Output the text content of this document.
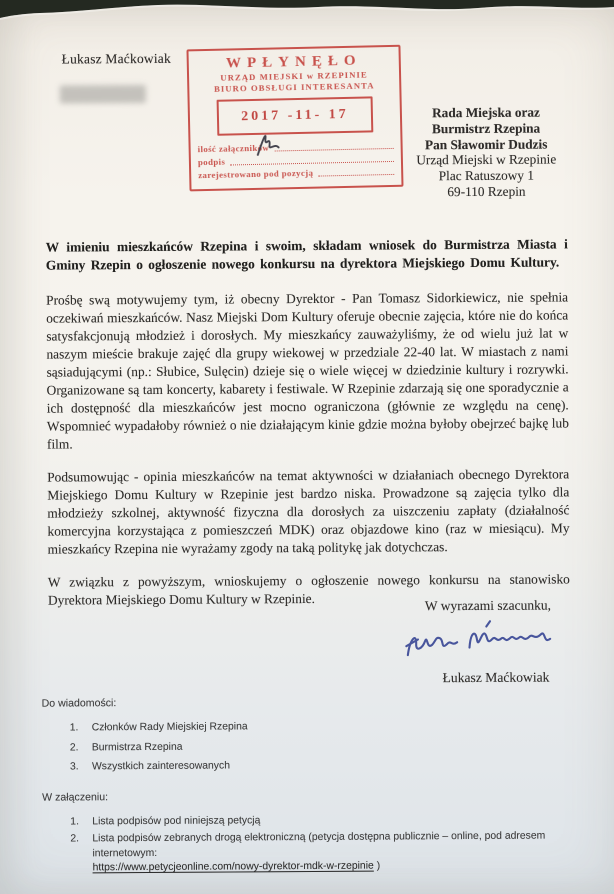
Łukasz Maćkowiak	WPŁYNĘŁO
URZĄD MIEJSKI w RZEPINIE
BIURO OBSŁUGI INTERESANTA
2017 -11- 17
ilość załączników
podpis
zarejestrowano pod pozycją
Rada Miejska oraz
Burmistrz Rzepina
Pan Sławomir Dudzis
Urząd Miejski w Rzepinie
Plac Ratuszowy 1
69-110 Rzepin

W imieniu mieszkańców Rzepina i swoim, składam wniosek do Burmistrza Miasta i Gminy Rzepin o ogłoszenie nowego konkursu na dyrektora Miejskiego Domu Kultury.

Prośbę swą motywujemy tym, iż obecny Dyrektor - Pan Tomasz Sidorkiewicz, nie spełnia oczekiwań mieszkańców. Nasz Miejski Dom Kultury oferuje obecnie zajęcia, które nie do końca satysfakcjonują młodzież i dorosłych. My mieszkańcy zauważyliśmy, że od wielu już lat w naszym mieście brakuje zajęć dla grupy wiekowej w przedziale 22-40 lat. W miastach z nami sąsiadującymi (np.: Słubice, Sulęcin) dzieje się o wiele więcej w dziedzinie kultury i rozrywki. Organizowane są tam koncerty, kabarety i festiwale. W Rzepinie zdarzają się one sporadycznie a ich dostępność dla mieszkańców jest mocno ograniczona (głównie ze względu na cenę). Wspomnieć wypadałoby również o nie działającym kinie gdzie można byłoby obejrzeć bajkę lub film.

Podsumowując - opinia mieszkańców na temat aktywności w działaniach obecnego Dyrektora Miejskiego Domu Kultury w Rzepinie jest bardzo niska. Prowadzone są zajęcia tylko dla młodzieży szkolnej, aktywność fizyczna dla dorosłych za uiszczeniu zapłaty (działalność komercyjna korzystająca z pomieszczeń MDK) oraz objazdowe kino (raz w miesiącu). My mieszkańcy Rzepina nie wyrażamy zgody na taką politykę jak dotychczas.

W związku z powyższym, wnioskujemy o ogłoszenie nowego konkursu na stanowisko Dyrektora Miejskiego Domu Kultury w Rzepinie.	W wyrazami szacunku,
Łukasz Maćkowiak
Do wiadomości:
Członków Rady Miejskiej Rzepina
Burmistrza Rzepina
Wszystkich zainteresowanych
W załączeniu:
Lista podpisów pod niniejszą petycją
Lista podpisów zebranych drogą elektroniczną (petycja dostępna publicznie – online, pod adresem internetowym:
https://www.petycjeonline.com/nowy-dyrektor-mdk-w-rzepinie )
